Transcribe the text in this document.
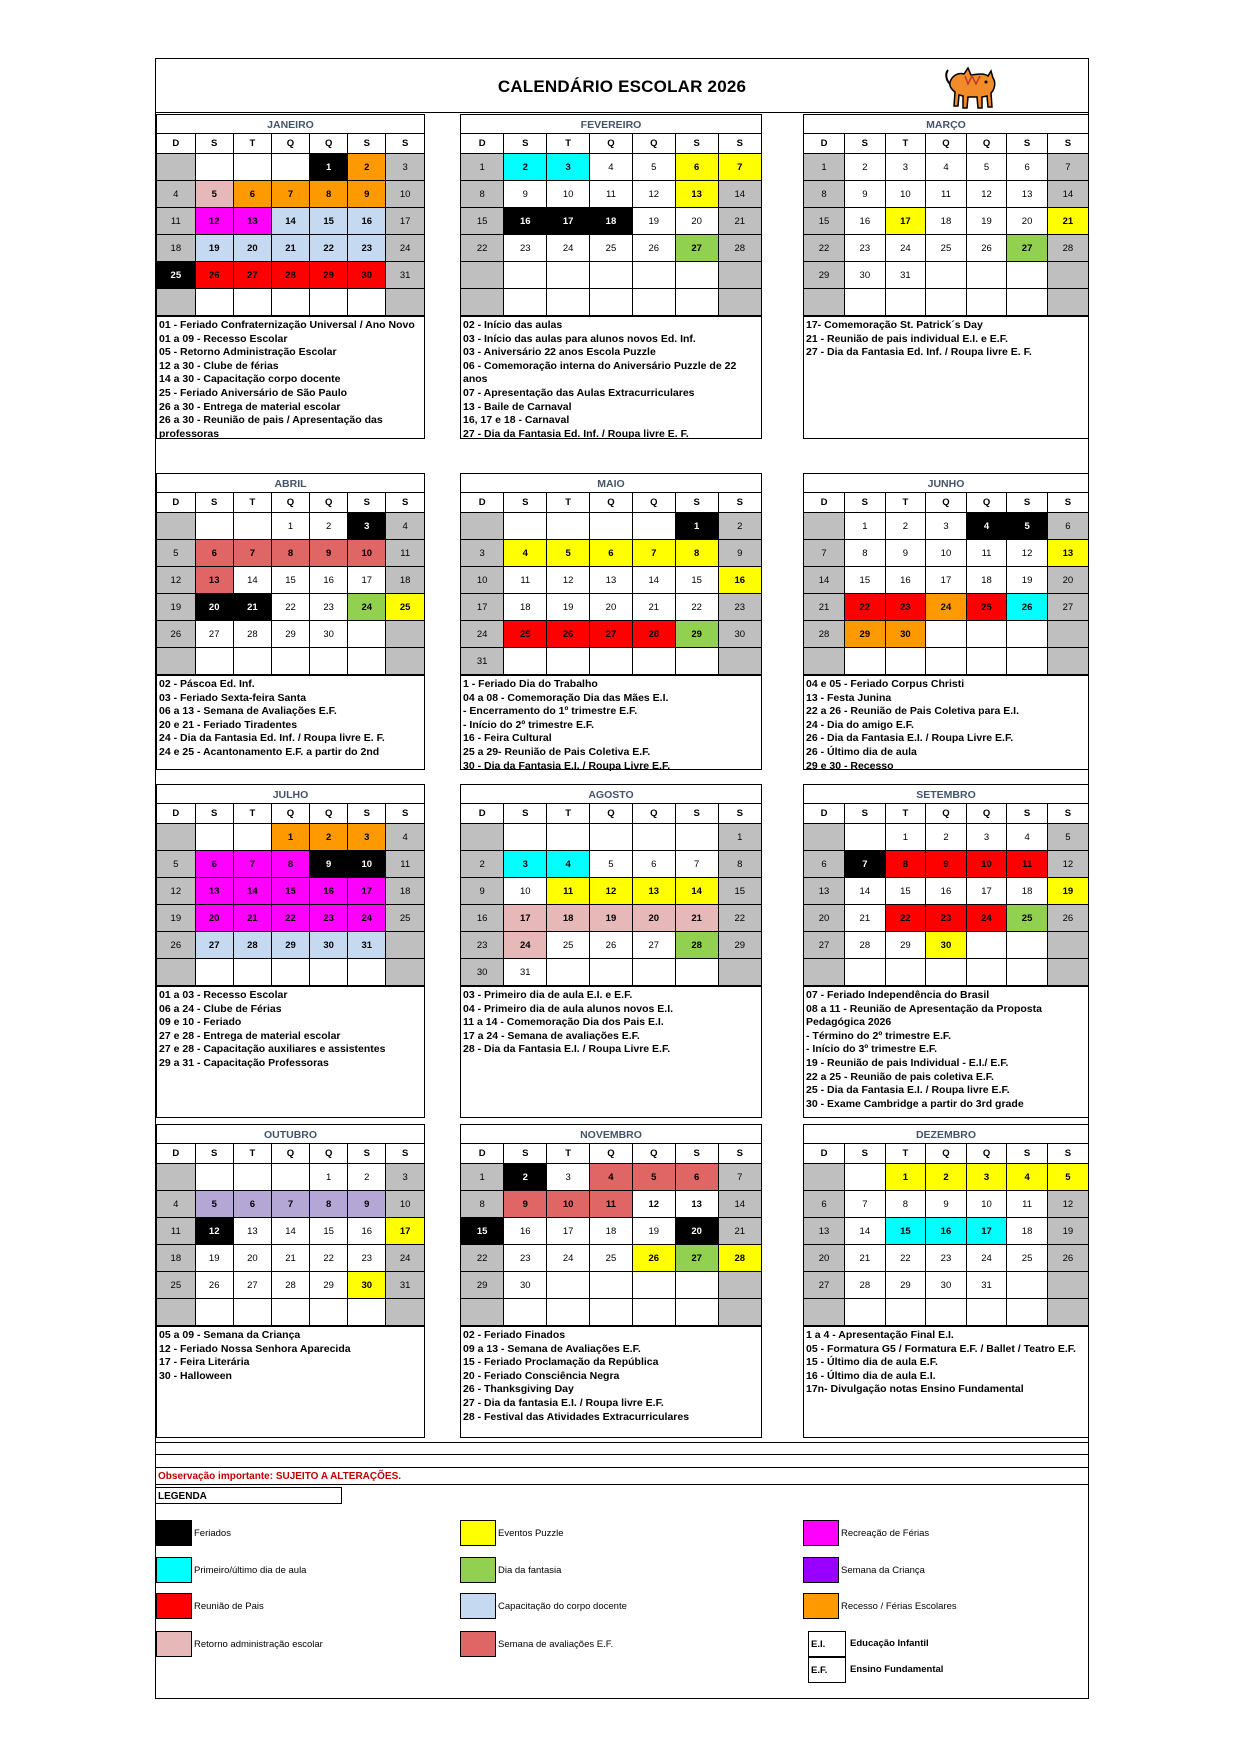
CALENDÁRIO ESCOLAR 2026
JANEIRO
D	S	T	Q	Q	S	S
				1	2	3
4	5	6	7	8	9	10
11	12	13	14	15	16	17
18	19	20	21	22	23	24
25	26	27	28	29	30	31

01 - Feriado Confraternização Universal / Ano Novo
01 a 09 - Recesso Escolar
05 - Retorno Administração Escolar
12 a 30 - Clube de férias
14 a 30 - Capacitação corpo docente
25 - Feriado Aniversário de São Paulo
26 a 30 - Entrega de material escolar
26 a 30 - Reunião de pais / Apresentação das professoras
FEVEREIRO
D	S	T	Q	Q	S	S
1	2	3	4	5	6	7
8	9	10	11	12	13	14
15	16	17	18	19	20	21
22	23	24	25	26	27	28

02 - Início das aulas
03 - Início das aulas para alunos novos Ed. Inf.
03 - Aniversário 22 anos Escola Puzzle
06 - Comemoração interna do Aniversário Puzzle de 22 anos
07 - Apresentação das Aulas Extracurriculares
13 - Baile de Carnaval
16, 17 e 18 - Carnaval
27 - Dia da Fantasia Ed. Inf. / Roupa livre E. F.
MARÇO
D	S	T	Q	Q	S	S
1	2	3	4	5	6	7
8	9	10	11	12	13	14
15	16	17	18	19	20	21
22	23	24	25	26	27	28
29	30	31				

17- Comemoração St. Patrick´s Day
21 - Reunião de pais individual E.I. e E.F.
27 - Dia da Fantasia Ed. Inf. / Roupa livre E. F.
ABRIL
D	S	T	Q	Q	S	S
			1	2	3	4
5	6	7	8	9	10	11
12	13	14	15	16	17	18
19	20	21	22	23	24	25
26	27	28	29	30		

02 - Páscoa Ed. Inf.
03 - Feriado Sexta-feira Santa
06 a 13 - Semana de Avaliações E.F.
20 e 21 - Feriado Tiradentes
24 - Dia da Fantasia Ed. Inf. / Roupa livre E. F.
24 e 25 - Acantonamento E.F. a partir do 2nd
MAIO
D	S	T	Q	Q	S	S
					1	2
3	4	5	6	7	8	9
10	11	12	13	14	15	16
17	18	19	20	21	22	23
24	25	26	27	28	29	30
31						
1 - Feriado Dia do Trabalho
04 a 08 - Comemoração Dia das Mães E.I.
- Encerramento do 1º trimestre E.F.
- Início do 2º trimestre E.F.
16 - Feira Cultural
25 a 29- Reunião de Pais Coletiva E.F.
30 - Dia da Fantasia E.I. / Roupa Livre E.F.
JUNHO
D	S	T	Q	Q	S	S
	1	2	3	4	5	6
7	8	9	10	11	12	13
14	15	16	17	18	19	20
21	22	23	24	25	26	27
28	29	30				

04 e 05 - Feriado Corpus Christi
13 - Festa Junina
22 a 26 - Reunião de Pais Coletiva para E.I.
24 - Dia do amigo E.F.
26 - Dia da Fantasia E.I. / Roupa Livre E.F.
26 - Último dia de aula
29 e 30 - Recesso
JULHO
D	S	T	Q	Q	S	S
			1	2	3	4
5	6	7	8	9	10	11
12	13	14	15	16	17	18
19	20	21	22	23	24	25
26	27	28	29	30	31	

01 a 03 - Recesso Escolar
06 a 24 - Clube de Férias
09 e 10 - Feriado
27 e 28 - Entrega de material escolar
27 e 28 - Capacitação auxiliares e assistentes
29 a 31 - Capacitação Professoras
AGOSTO
D	S	T	Q	Q	S	S
						1
2	3	4	5	6	7	8
9	10	11	12	13	14	15
16	17	18	19	20	21	22
23	24	25	26	27	28	29
30	31					
03 - Primeiro dia de aula E.I. e E.F.
04 - Primeiro dia de aula alunos novos E.I.
11 a 14 - Comemoração Dia dos Pais E.I.
17 a 24 - Semana de avaliações E.F.
28 - Dia da Fantasia E.I. / Roupa Livre E.F.
SETEMBRO
D	S	T	Q	Q	S	S
		1	2	3	4	5
6	7	8	9	10	11	12
13	14	15	16	17	18	19
20	21	22	23	24	25	26
27	28	29	30			

07 - Feriado Independência do Brasil
08 a 11 - Reunião de Apresentação da Proposta Pedagógica 2026
- Término do 2º trimestre E.F.
- Início do 3º trimestre E.F.
19 - Reunião de pais Individual - E.I./ E.F.
22 a 25 - Reunião de pais coletiva E.F.
25 - Dia da Fantasia E.I. / Roupa livre E.F.
30 - Exame Cambridge a partir do 3rd grade
OUTUBRO
D	S	T	Q	Q	S	S
				1	2	3
4	5	6	7	8	9	10
11	12	13	14	15	16	17
18	19	20	21	22	23	24
25	26	27	28	29	30	31

05 a 09 - Semana da Criança
12 - Feriado Nossa Senhora Aparecida
17 - Feira Literária
30 - Halloween
NOVEMBRO
D	S	T	Q	Q	S	S
1	2	3	4	5	6	7
8	9	10	11	12	13	14
15	16	17	18	19	20	21
22	23	24	25	26	27	28
29	30					

02 - Feriado Finados
09 a 13 - Semana de Avaliações E.F.
15 - Feriado Proclamação da República
20 - Feriado Consciência Negra
26 - Thanksgiving Day
27 - Dia da fantasia E.I. / Roupa livre E.F.
28 - Festival das Atividades Extracurriculares
DEZEMBRO
D	S	T	Q	Q	S	S
		1	2	3	4	5
6	7	8	9	10	11	12
13	14	15	16	17	18	19
20	21	22	23	24	25	26
27	28	29	30	31		

1 a 4 - Apresentação Final E.I.
05 - Formatura G5 / Formatura E.F. / Ballet / Teatro E.F.
15 - Último dia de aula E.F.
16 - Último dia de aula E.I.
17n- Divulgação notas Ensino Fundamental
Observação importante: SUJEITO A ALTERAÇÕES.
LEGENDA
Feriados	Eventos Puzzle	Recreação de Férias
Primeiro/último dia de aula	Dia da fantasia	Semana da Criança
Reunião de Pais	Capacitação do corpo docente	Recesso / Férias Escolares
Retorno administração escolar	Semana de avaliações E.F.	E.I.	Educação Infantil
E.F.	Ensino Fundamental
